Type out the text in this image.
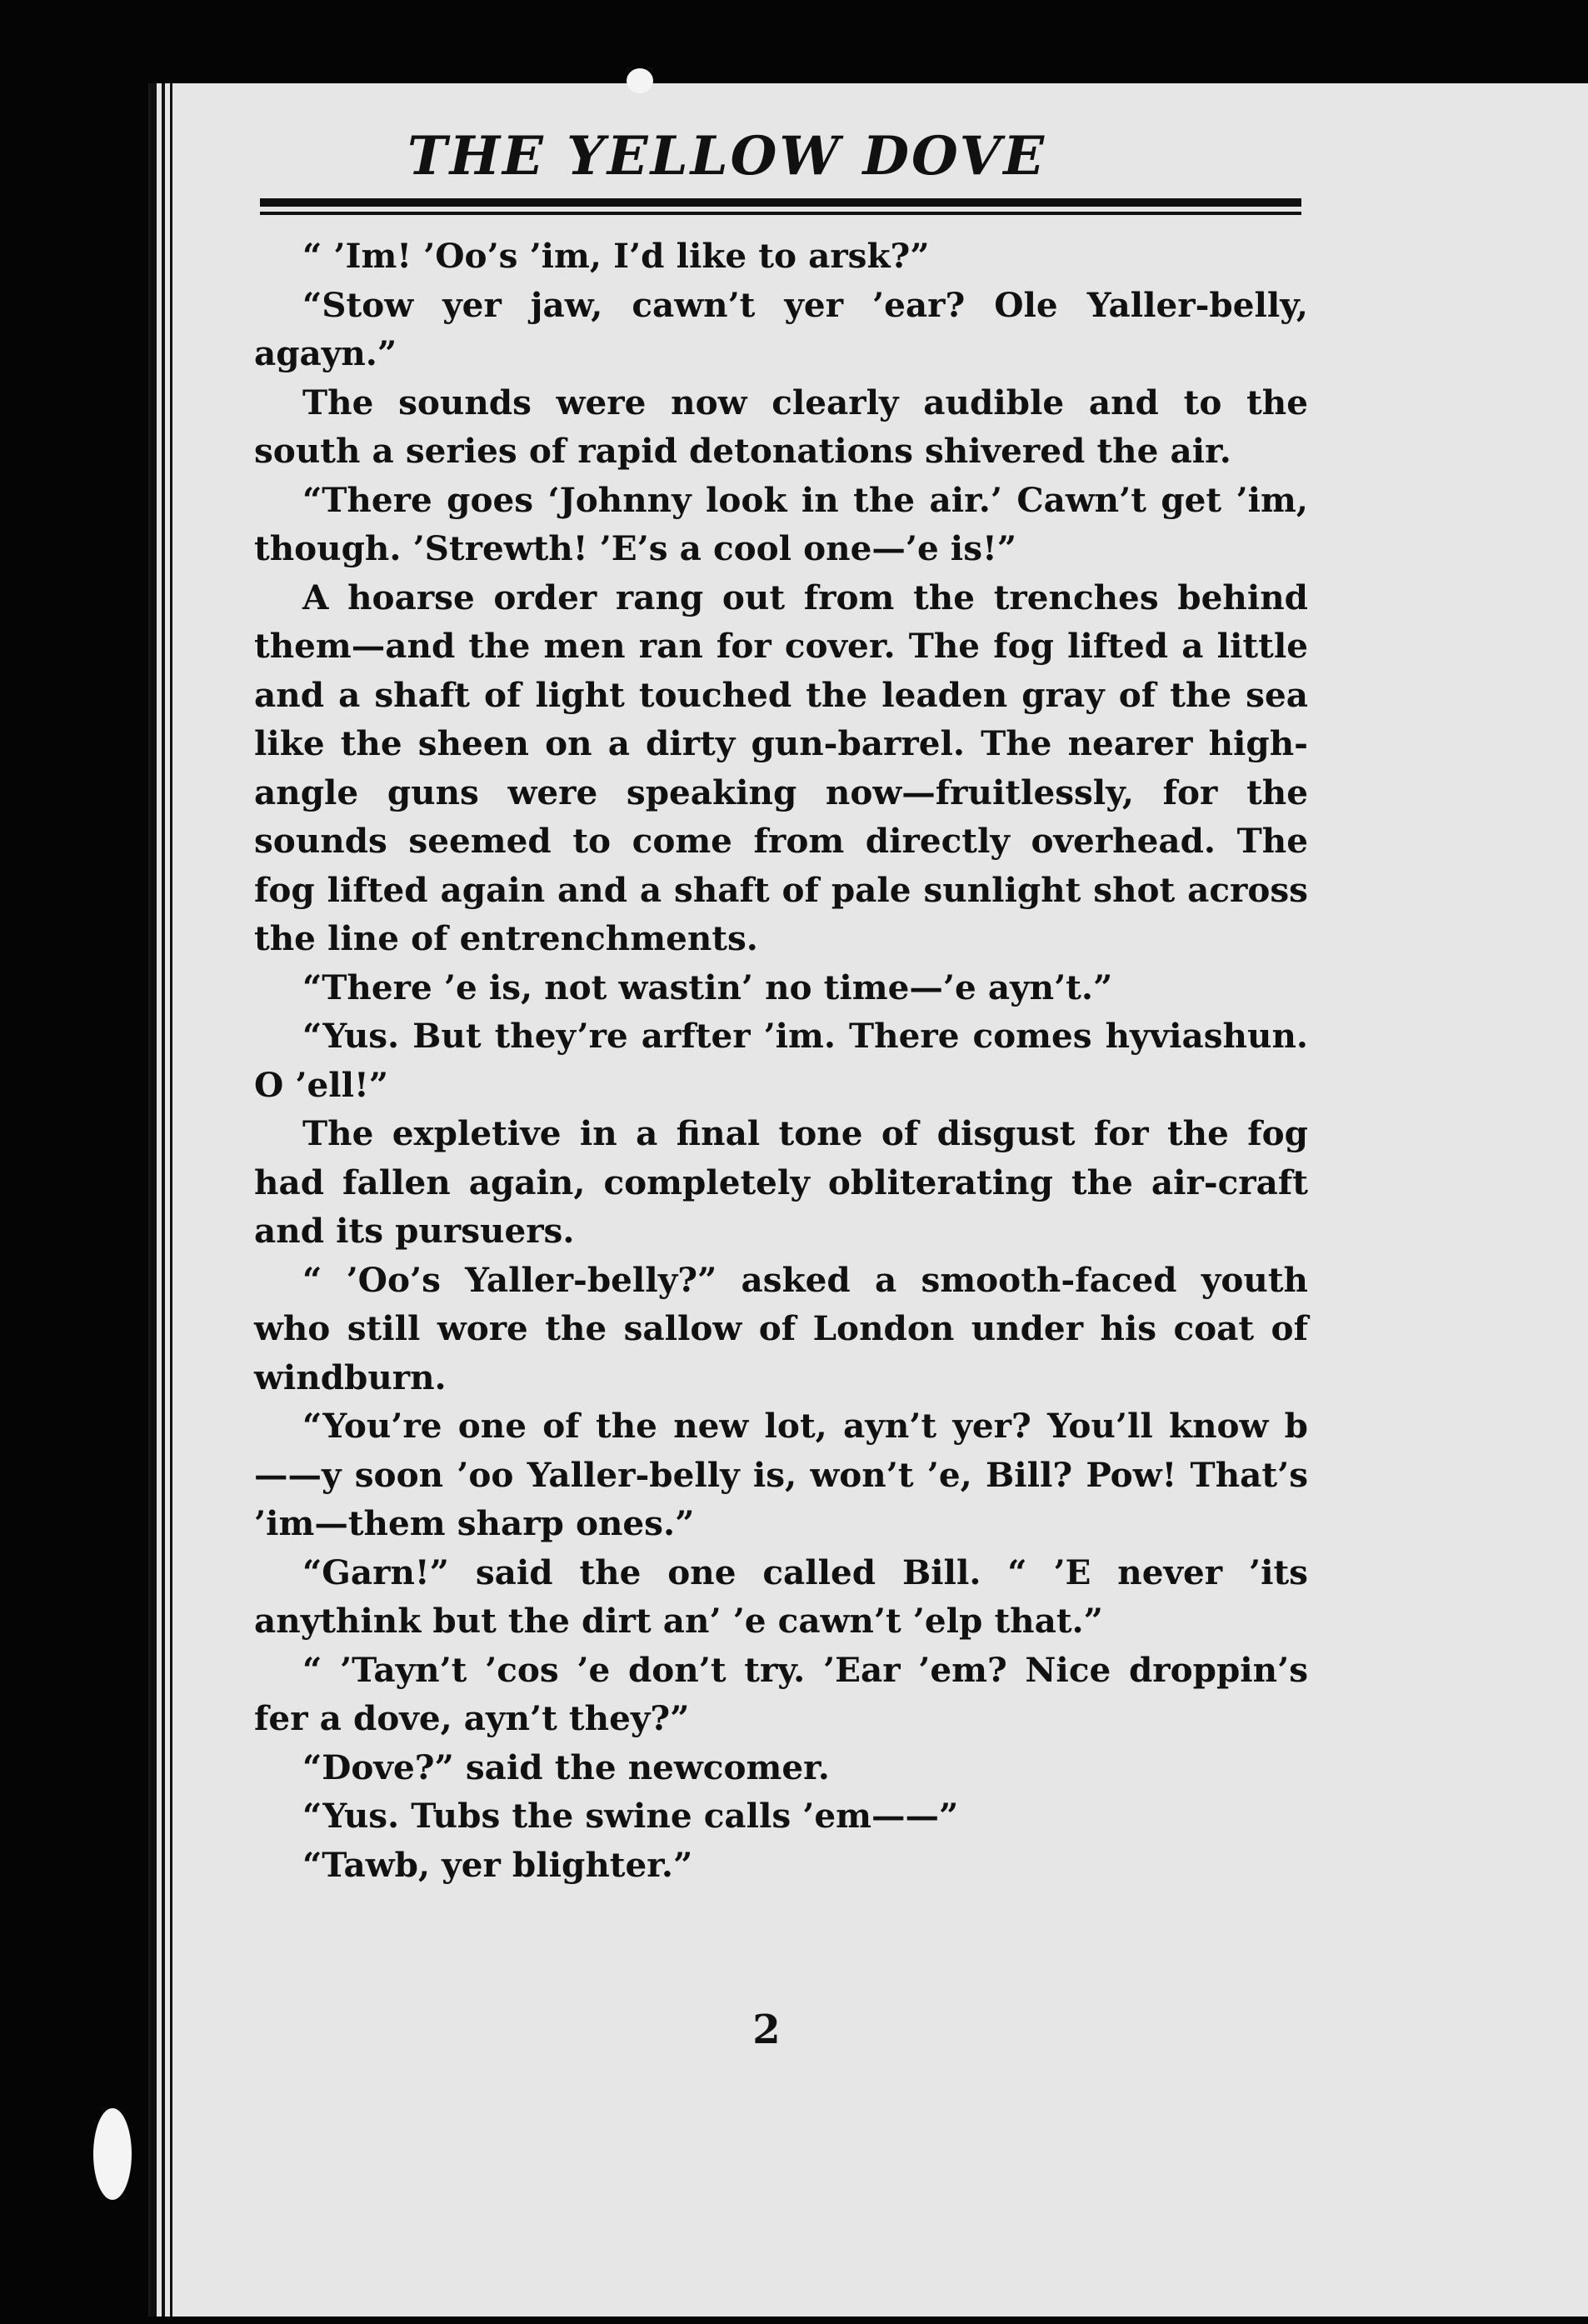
THE YELLOW DOVE

“ ’Im! ’Oo’s ’im, I’d like to arsk?”

“Stow yer jaw, cawn’t yer ’ear? Ole Yaller-belly, agayn.”

The sounds were now clearly audible and to the south a series of rapid detonations shivered the air.

“There goes ‘Johnny look in the air.’ Cawn’t get ’im, though. ’Strewth! ’E’s a cool one—’e is!”

A hoarse order rang out from the trenches behind them—and the men ran for cover. The fog lifted a little and a shaft of light touched the leaden gray of the sea like the sheen on a dirty gun-barrel. The nearer high-angle guns were speaking now—fruitlessly, for the sounds seemed to come from directly overhead. The fog lifted again and a shaft of pale sunlight shot across the line of entrenchments.

“There ’e is, not wastin’ no time—’e ayn’t.”

“Yus. But they’re arfter ’im. There comes hyviashun. O ’ell!”

The expletive in a final tone of disgust for the fog had fallen again, completely obliterating the air-craft and its pursuers.

“ ’Oo’s Yaller-belly?” asked a smooth-faced youth who still wore the sallow of London under his coat of windburn.

“You’re one of the new lot, ayn’t yer? You’ll know b——y soon ’oo Yaller-belly is, won’t ’e, Bill? Pow! That’s ’im—them sharp ones.”

“Garn!” said the one called Bill. “ ’E never ’its anythink but the dirt an’ ’e cawn’t ’elp that.”

“ ’Tayn’t ’cos ’e don’t try. ’Ear ’em? Nice droppin’s fer a dove, ayn’t they?”

“Dove?” said the newcomer.

“Yus. Tubs the swine calls ’em——”

“Tawb, yer blighter.”

2
